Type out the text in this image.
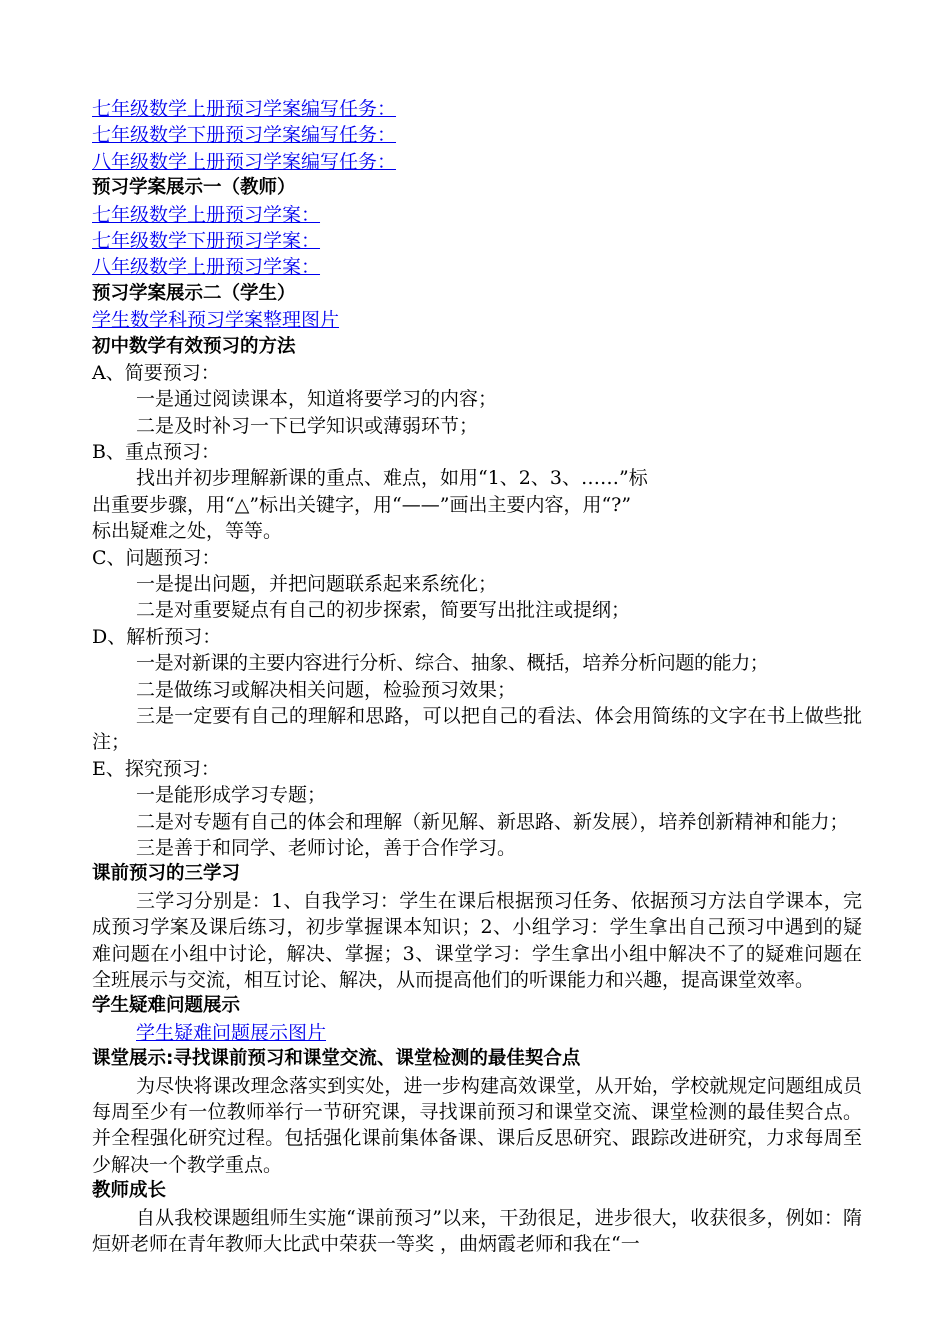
七年级数学上册预习学案编写任务：
七年级数学下册预习学案编写任务：
八年级数学上册预习学案编写任务：
预习学案展示一（教师）
七年级数学上册预习学案：
七年级数学下册预习学案：
八年级数学上册预习学案：
预习学案展示二（学生）
学生数学科预习学案整理图片
初中数学有效预习的方法
A、简要预习：
一是通过阅读课本，知道将要学习的内容；
二是及时补习一下已学知识或薄弱环节；
B、重点预习：
找出并初步理解新课的重点、难点，如用“1、2、3、……”标
出重要步骤，用“△”标出关键字，用“——”画出主要内容，用“?”
标出疑难之处，等等。
C、问题预习：
一是提出问题，并把问题联系起来系统化；
二是对重要疑点有自己的初步探索，简要写出批注或提纲；
D、解析预习：
一是对新课的主要内容进行分析、综合、抽象、概括，培养分析问题的能力；
二是做练习或解决相关问题，检验预习效果；

三是一定要有自己的理解和思路，可以把自己的看法、体会用简练的文字在书上做些批注；

E、探究预习：
一是能形成学习专题；

二是对专题有自己的体会和理解（新见解、新思路、新发展），培养创新精神和能力；

三是善于和同学、老师讨论，善于合作学习。
课前预习的三学习

三学习分别是：1、自我学习：学生在课后根据预习任务、依据预习方法自学课本，完成预习学案及课后练习，初步掌握课本知识；2、小组学习：学生拿出自己预习中遇到的疑难问题在小组中讨论，解决、掌握；3、课堂学习：学生拿出小组中解决不了的疑难问题在全班展示与交流，相互讨论、解决，从而提高他们的听课能力和兴趣，提高课堂效率。

学生疑难问题展示
学生疑难问题展示图片
课堂展示:寻找课前预习和课堂交流、课堂检测的最佳契合点

为尽快将课改理念落实到实处，进一步构建高效课堂，从开始，学校就规定问题组成员每周至少有一位教师举行一节研究课，寻找课前预习和课堂交流、课堂检测的最佳契合点。并全程强化研究过程。包括强化课前集体备课、课后反思研究、跟踪改进研究，力求每周至少解决一个教学重点。

教师成长

自从我校课题组师生实施“课前预习”以来，干劲很足，进步很大，收获很多，例如：隋烜妍老师在青年教师大比武中荣获一等奖 ，曲炳霞老师和我在“一
